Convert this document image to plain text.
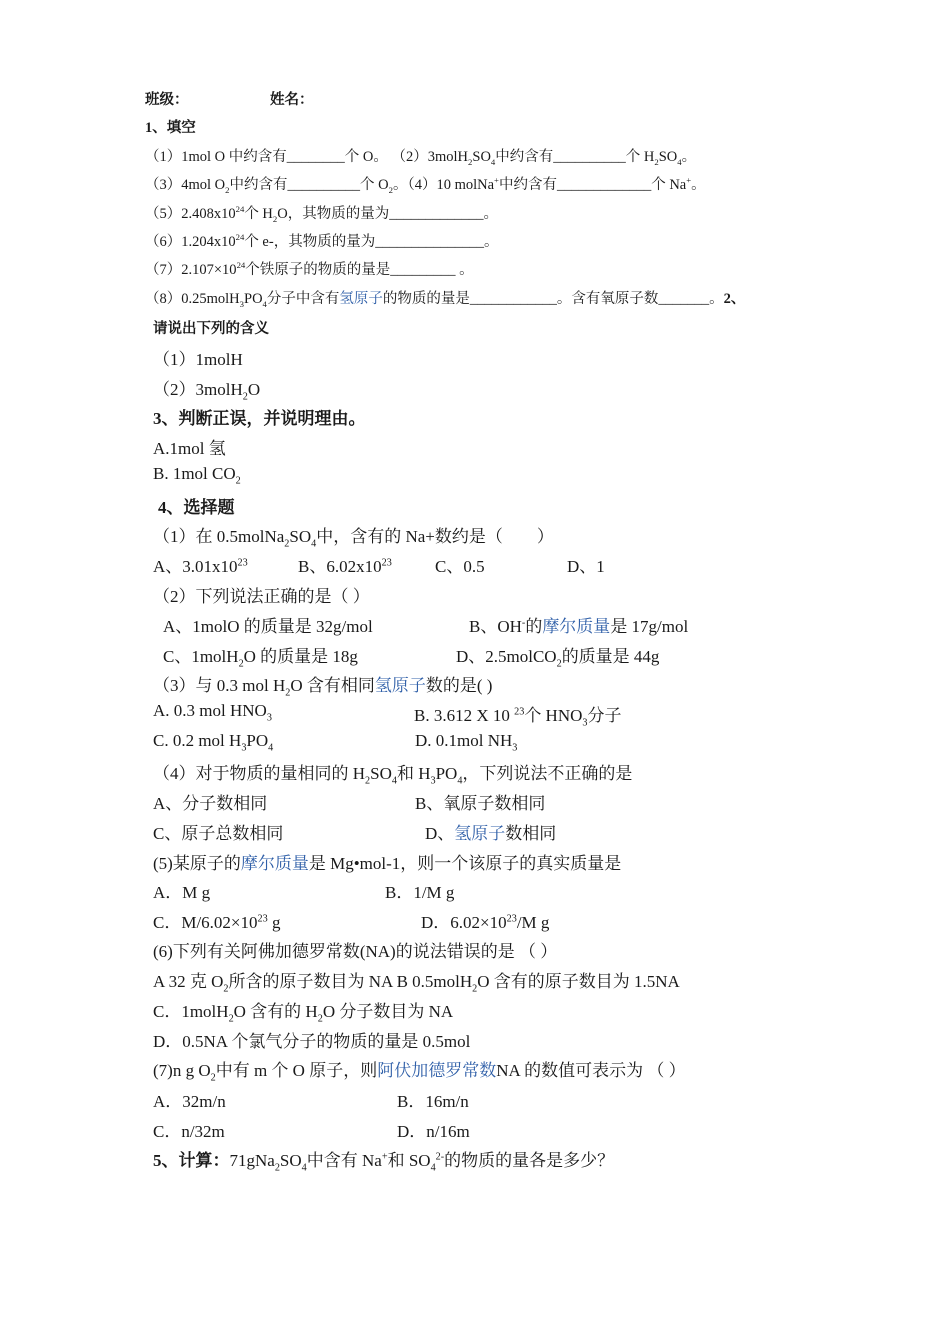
班级：	姓名：
1、填空
（1）1mol O 中约含有________个 O。 $(2)3molH_2SO_4$中约含有__________个 $H_2SO_4$。
（3）4mol $O_2$中约含有__________个 $O_2$。（4）10 molNa+中约含有_____________个 Na+。
$(5)2.408x10^{24}$个 $H_2O$，其物质的量为_____________。
$(6)1.204x10^{24}$个 e-，其物质的量为_______________。
$(7)2.107\times 10^{24}$个铁原子的物质的量是_________ 。
$(8)0.25molH_3PO_4$分子中含有氢原子的物质的量是____________。含有氧原子数_______。2、
请说出下列的含义
（1）1molH
（2）3molH$_2$O
3、判断正误，并说明理由。
A.1mol 氢
B. 1mol $CO_2$
4、选择题
（1）在 $0.5molNa_2SO_4$中，含有的 Na+数约是（　　）
A、$3.01x10^{23}$	B、$6.02x10^{23}$	C、0.5	D、1
（2）下列说法正确的是（ ）
A、1molO 的质量是 32g/mol	B、OH-的摩尔质量是 17g/mol
C、1molH$_2$O 的质量是 18g	D、2.5molCO$_2$的质量是 44g
（3）与 0.3 mol $H_2O$ 含有相同氢原子数的是( )
A. 0.3 mol $HNO_3$	B. 3.612 X 10 $^{23}$个 $HNO_3$分子
C. 0.2 mol $H_3PO_4$	D. 0.1mol $NH_3$
（4）对于物质的量相同的 $H_2SO_4$和 $H_3PO_4$，下列说法不正确的是
A、分子数相同	B、氧原子数相同
C、原子总数相同	D、氢原子数相同
(5)某原子的摩尔质量是 Mg•mol-1，则一个该原子的真实质量是
A．M g	B．1/M g
C．$M/6.02\times 10^{23}$ g	D．$6.02\times 10^{23}/M$ g
(6)下列有关阿佛加德罗常数(NA)的说法错误的是 （ ）
A 32 克 $O_2$所含的原子数目为 NA B 0.5molH$_2$O 含有的原子数目为 1.5NA
C．1molH$_2$O 含有的 $H_2O$ 分子数目为 NA
D．0.5NA 个氯气分子的物质的量是 0.5mol
(7)n g $O_2$中有 m 个 O 原子，则阿伏加德罗常数NA 的数值可表示为 （ ）
A．32m/n	B．16m/n
C．n/32m	D．n/16m
5、计算：$71gNa_2SO_4$中含有 Na+和 $SO_4^{2-}$的物质的量各是多少？
